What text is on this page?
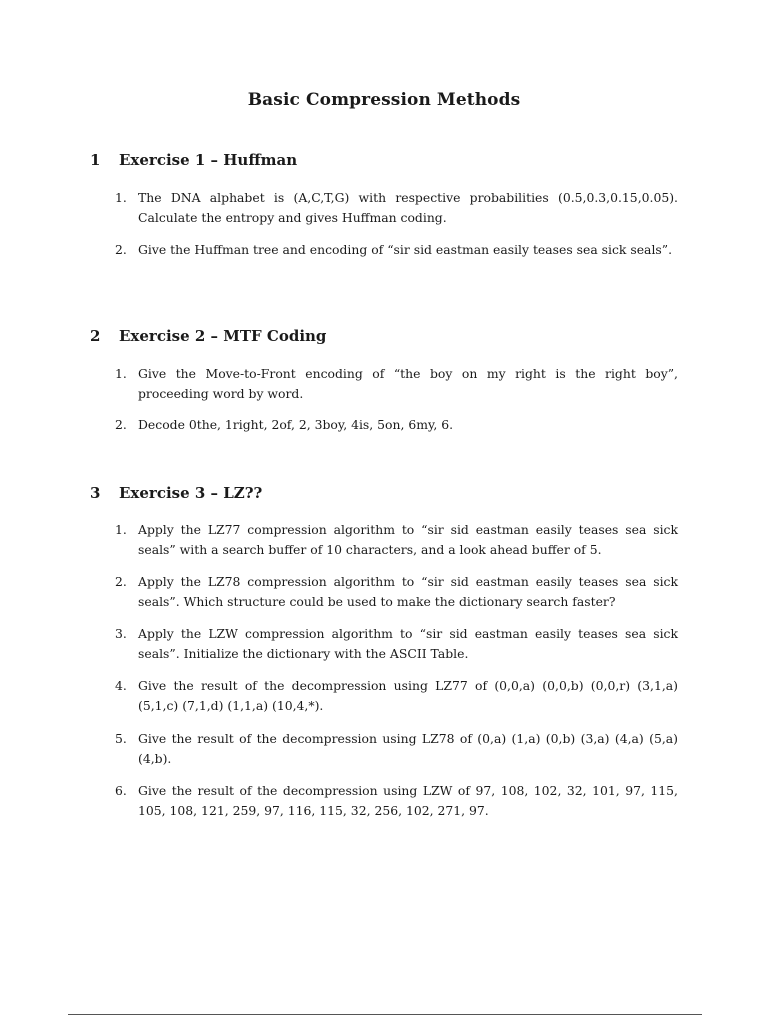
Basic Compression Methods
1 Exercise 1 – Huffman
1. The DNA alphabet is (A,C,T,G) with respective probabilities (0.5,0.3,0.15,0.05). Calculate the entropy and gives Huffman coding.
2. Give the Huffman tree and encoding of “sir sid eastman easily teases sea sick seals”.
2 Exercise 2 – MTF Coding
1. Give the Move-to-Front encoding of “the boy on my right is the right boy”, proceeding word by word.
2. Decode 0the, 1right, 2of, 2, 3boy, 4is, 5on, 6my, 6.
3 Exercise 3 – LZ??
1. Apply the LZ77 compression algorithm to “sir sid eastman easily teases sea sick seals” with a search buffer of 10 characters, and a look ahead buffer of 5.
2. Apply the LZ78 compression algorithm to “sir sid eastman easily teases sea sick seals”. Which structure could be used to make the dictionary search faster?
3. Apply the LZW compression algorithm to “sir sid eastman easily teases sea sick seals”. Initialize the dictionary with the ASCII Table.
4. Give the result of the decompression using LZ77 of (0,0,a) (0,0,b) (0,0,r) (3,1,a) (5,1,c) (7,1,d) (1,1,a) (10,4,*).
5. Give the result of the decompression using LZ78 of (0,a) (1,a) (0,b) (3,a) (4,a) (5,a) (4,b).
6. Give the result of the decompression using LZW of 97, 108, 102, 32, 101, 97, 115, 105, 108, 121, 259, 97, 116, 115, 32, 256, 102, 271, 97.
